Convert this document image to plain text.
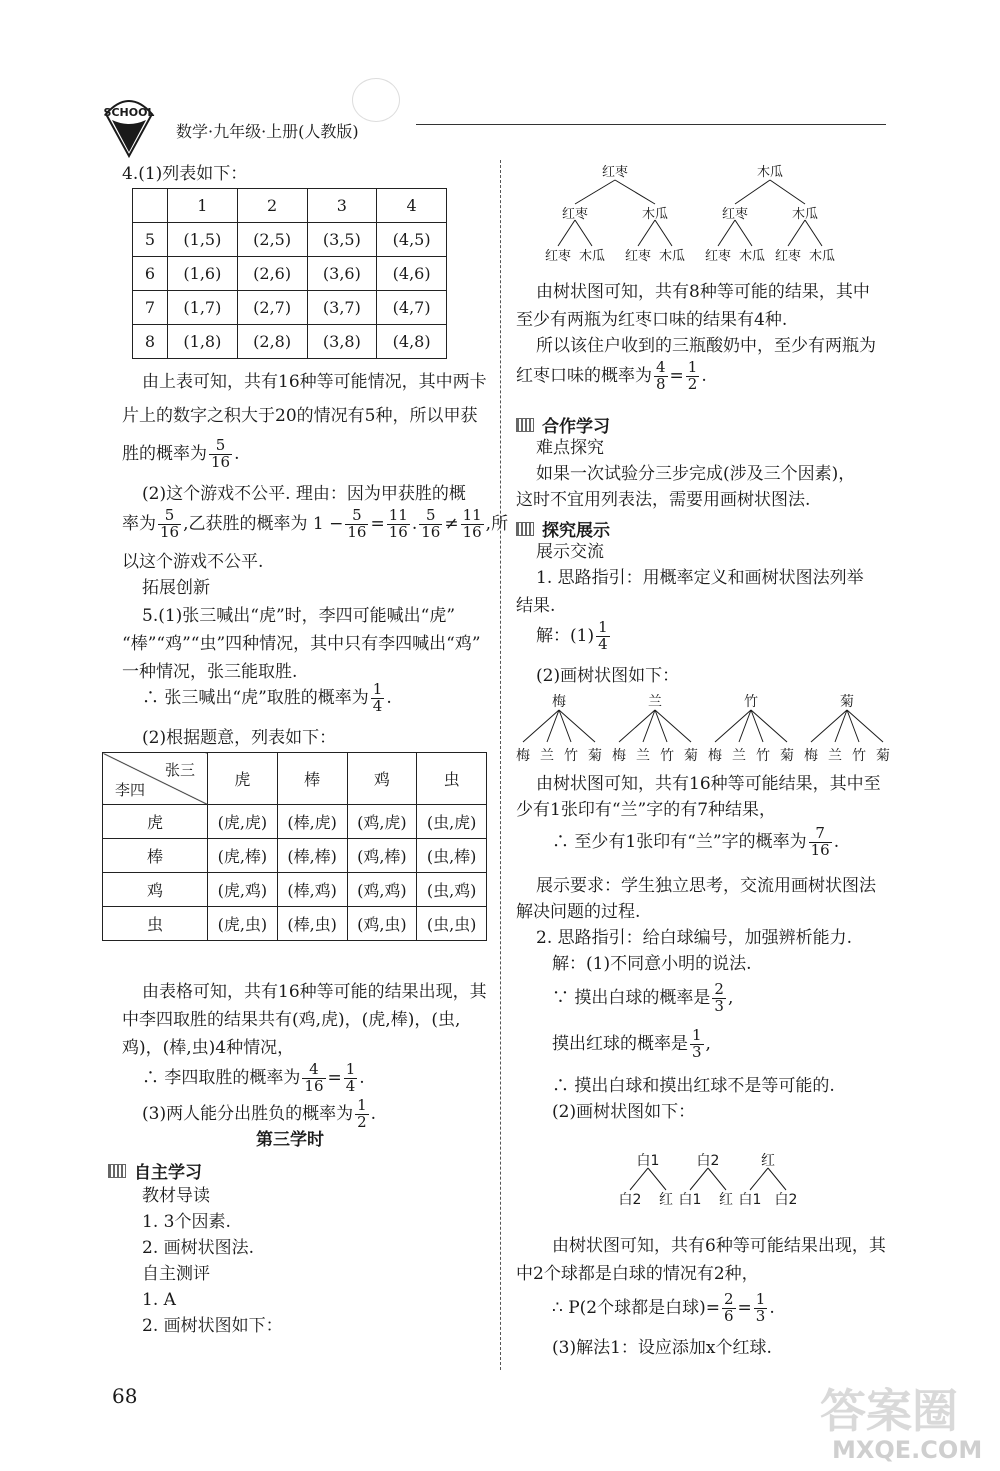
SCHOOL
数学·九年级·上册(人教版)
4.(1)列表如下：
	1	2	3	4
5	(1,5)	(2,5)	(3,5)	(4,5)
6	(1,6)	(2,6)	(3,6)	(4,6)
7	(1,7)	(2,7)	(3,7)	(4,7)
8	(1,8)	(2,8)	(3,8)	(4,8)
由上表可知，共有16种等可能情况，其中两卡
片上的数字之积大于20的情况有5种，所以甲获
胜的概率为 $\frac{5}{16}$ .
(2)这个游戏不公平. 理由：因为甲获胜的概
率为 $\frac{5}{16}$ ,乙获胜的概率为 $1 - \frac{5}{16} = \frac{11}{16}$ . $\frac{5}{16} \ne \frac{11}{16}$ ,所
以这个游戏不公平.
拓展创新
5.(1)张三喊出“虎”时，李四可能喊出“虎”
“棒”“鸡”“虫”四种情况，其中只有李四喊出“鸡”
一种情况，张三能取胜.
∴ 张三喊出“虎”取胜的概率为 $\frac{1}{4}$ .
(2)根据题意，列表如下：
张三
李四	虎	棒	鸡	虫
虎	(虎,虎)	(棒,虎)	(鸡,虎)	(虫,虎)
棒	(虎,棒)	(棒,棒)	(鸡,棒)	(虫,棒)
鸡	(虎,鸡)	(棒,鸡)	(鸡,鸡)	(虫,鸡)
虫	(虎,虫)	(棒,虫)	(鸡,虫)	(虫,虫)
由表格可知，共有16种等可能的结果出现，其
中李四取胜的结果共有(鸡,虎)，(虎,棒)，(虫,
鸡)，(棒,虫)4种情况，
∴ 李四取胜的概率为 $\frac{4}{16} = \frac{1}{4}$ .
(3)两人能分出胜负的概率为 $\frac{1}{2}$ .
第三学时
自主学习
教材导读
1. 3个因素.
2. 画树状图法.
自主测评
1. A
2. 画树状图如下：
68
红枣
红枣	木瓜
红枣 木瓜 红枣 木瓜
木瓜
红枣	木瓜
红枣 木瓜 红枣 木瓜
由树状图可知，共有8种等可能的结果，其中
至少有两瓶为红枣口味的结果有4种.
所以该住户收到的三瓶酸奶中，至少有两瓶为
红枣口味的概率为 $\frac{4}{8} = \frac{1}{2}$ .
合作学习
难点探究
如果一次试验分三步完成(涉及三个因素)，
这时不宜用列表法，需要用画树状图法.
探究展示
展示交流
1. 思路指引：用概率定义和画树状图法列举
结果.
解：$(1) \frac{1}{4}$
(2)画树状图如下：
梅	兰	竹	菊
梅 兰 竹 菊 梅 兰 竹 菊 梅 兰 竹 菊 梅 兰 竹 菊
由树状图可知，共有16种等可能结果，其中至
少有1张印有“兰”字的有7种结果，
∴ 至少有1张印有“兰”字的概率为 $\frac{7}{16}$ .
展示要求：学生独立思考，交流用画树状图法
解决问题的过程.
2. 思路指引：给白球编号，加强辨析能力.
解：(1)不同意小明的说法.
∵ 摸出白球的概率是 $\frac{2}{3}$ ,
摸出红球的概率是 $\frac{1}{3}$ ,
∴ 摸出白球和摸出红球不是等可能的.
(2)画树状图如下：
白1	白2	红
白2 红 白1 红 白1 白2
由树状图可知，共有6种等可能结果出现，其
中2个球都是白球的情况有2种，
∴ P(2个球都是白球)= $\frac{2}{6} = \frac{1}{3}$ .
(3)解法1：设应添加x个红球.
答案圈
MXQE.COM
